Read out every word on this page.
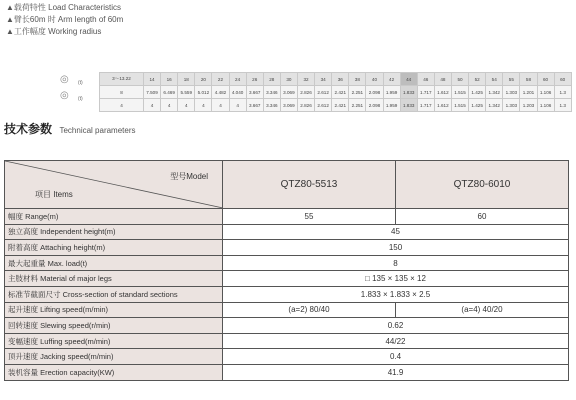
▲载荷特性 Load Characteristics
▲臂长60m 时 Arm length of 60m
▲工作幅度 Working radius
◎ (t)
◎ (t)
3～13.22	14	16	18	20	22	24	26	28	30	32	34	36	38	40	42	44	46	48	50	52	54	55	58	60	60
8	7.509	6.469	5.559	5.012	4.482	4.040	3.667	3.346	3.069	2.826	2.612	2.421	2.251	2.098	1.959	1.833	1.717	1.612	1.515	1.425	1.342	1.303	1.201	1.106	1.3
4	4	4	4	4	4	4	3.667	3.346	3.069	2.826	2.612	2.421	2.251	2.098	1.959	1.833	1.717	1.612	1.515	1.425	1.342	1.303	1.203	1.106	1.3
技术参数 Technical parameters
型号Model
项目 Items	QTZ80-5513	QTZ80-6010
幅度 Range(m)	55	60
独立高度 Independent height(m)	45	
附着高度 Attaching height(m)	150	
最大起重量 Max. load(t)	8	
主肢材料 Material of major legs	□ 135 × 135 × 12	
标准节截面尺寸 Cross-section of standard sections	1.833 × 1.833 × 2.5	
起升速度 Lifting speed(m/min)	(a=2) 80/40	(a=4) 40/20
回转速度 Slewing speed(r/min)	0.62	
变幅速度 Luffing speed(m/min)	44/22	
顶升速度 Jacking speed(m/min)	0.4	
装机容量 Erection capacity(KW)	41.9	
